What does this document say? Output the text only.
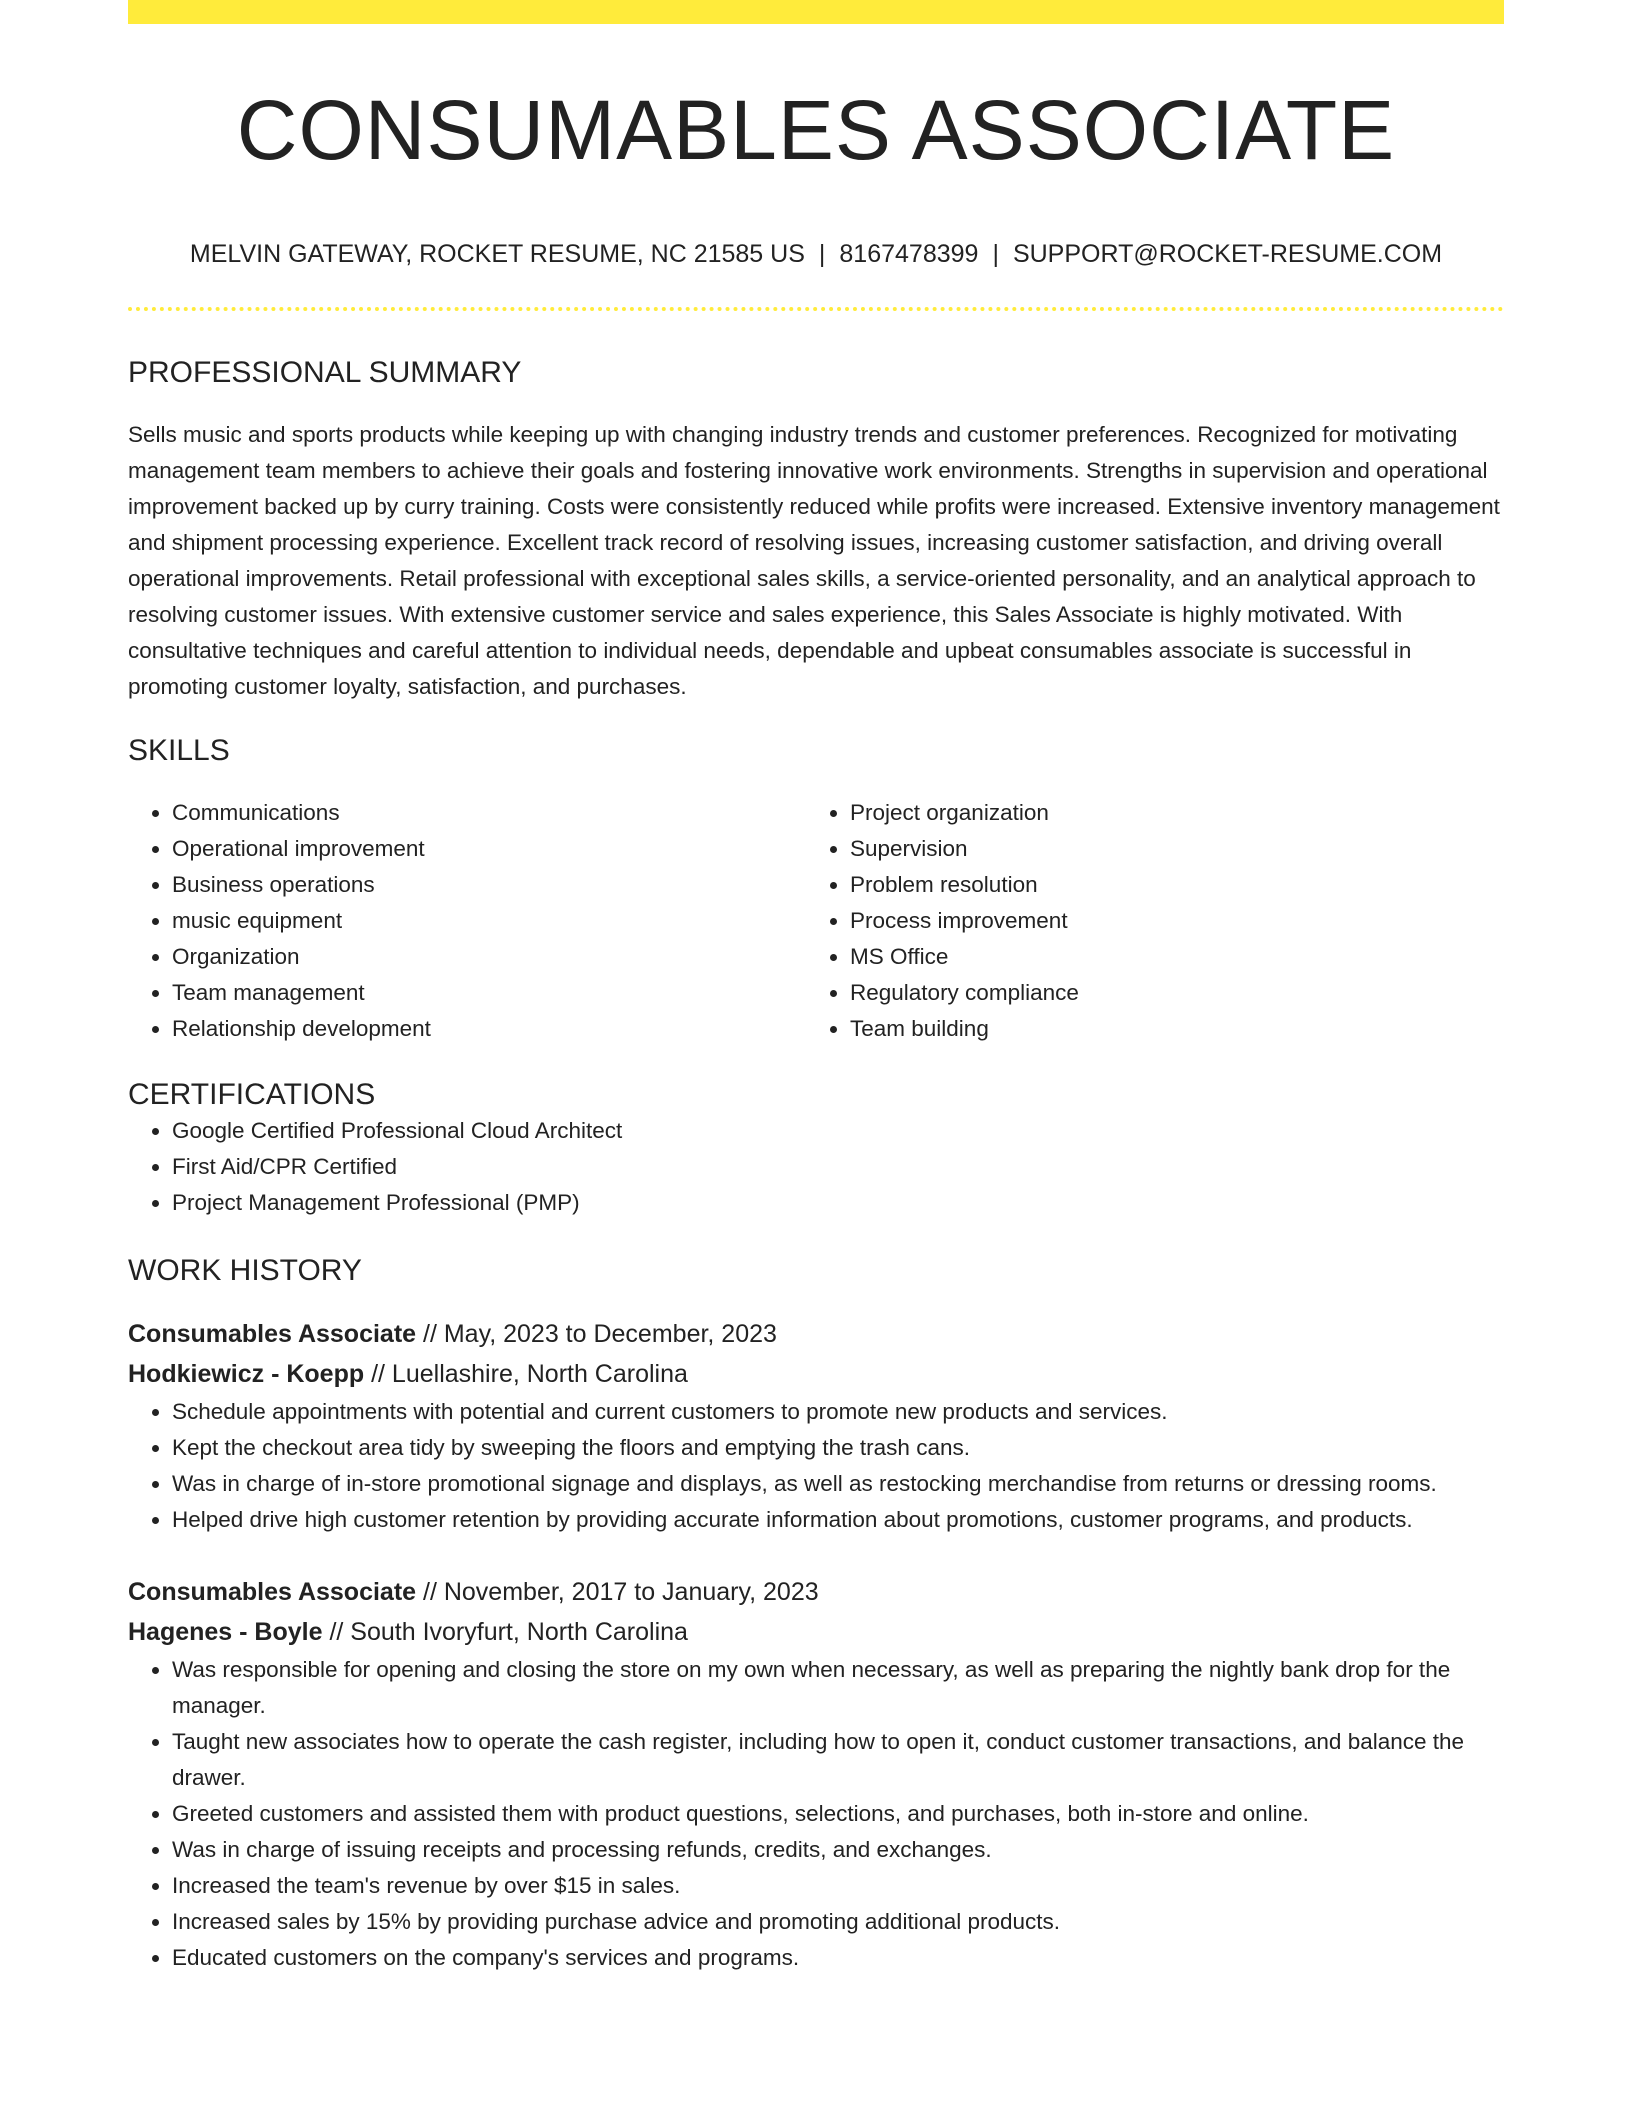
CONSUMABLES ASSOCIATE
MELVIN GATEWAY, ROCKET RESUME, NC 21585 US | 8167478399 | SUPPORT@ROCKET-RESUME.COM
PROFESSIONAL SUMMARY
Sells music and sports products while keeping up with changing industry trends and customer preferences. Recognized for motivating management team members to achieve their goals and fostering innovative work environments. Strengths in supervision and operational improvement backed up by curry training. Costs were consistently reduced while profits were increased. Extensive inventory management and shipment processing experience. Excellent track record of resolving issues, increasing customer satisfaction, and driving overall operational improvements. Retail professional with exceptional sales skills, a service-oriented personality, and an analytical approach to resolving customer issues. With extensive customer service and sales experience, this Sales Associate is highly motivated. With consultative techniques and careful attention to individual needs, dependable and upbeat consumables associate is successful in promoting customer loyalty, satisfaction, and purchases.
SKILLS
• Communications
• Operational improvement
• Business operations
• music equipment
• Organization
• Team management
• Relationship development
• Project organization
• Supervision
• Problem resolution
• Process improvement
• MS Office
• Regulatory compliance
• Team building
CERTIFICATIONS
• Google Certified Professional Cloud Architect
• First Aid/CPR Certified
• Project Management Professional (PMP)
WORK HISTORY
Consumables Associate // May, 2023 to December, 2023
Hodkiewicz - Koepp // Luellashire, North Carolina
• Schedule appointments with potential and current customers to promote new products and services.
• Kept the checkout area tidy by sweeping the floors and emptying the trash cans.
• Was in charge of in-store promotional signage and displays, as well as restocking merchandise from returns or dressing rooms.
• Helped drive high customer retention by providing accurate information about promotions, customer programs, and products.
Consumables Associate // November, 2017 to January, 2023
Hagenes - Boyle // South Ivoryfurt, North Carolina
• Was responsible for opening and closing the store on my own when necessary, as well as preparing the nightly bank drop for the manager.
• Taught new associates how to operate the cash register, including how to open it, conduct customer transactions, and balance the drawer.
• Greeted customers and assisted them with product questions, selections, and purchases, both in-store and online.
• Was in charge of issuing receipts and processing refunds, credits, and exchanges.
• Increased the team's revenue by over $15 in sales.
• Increased sales by 15% by providing purchase advice and promoting additional products.
• Educated customers on the company's services and programs.
